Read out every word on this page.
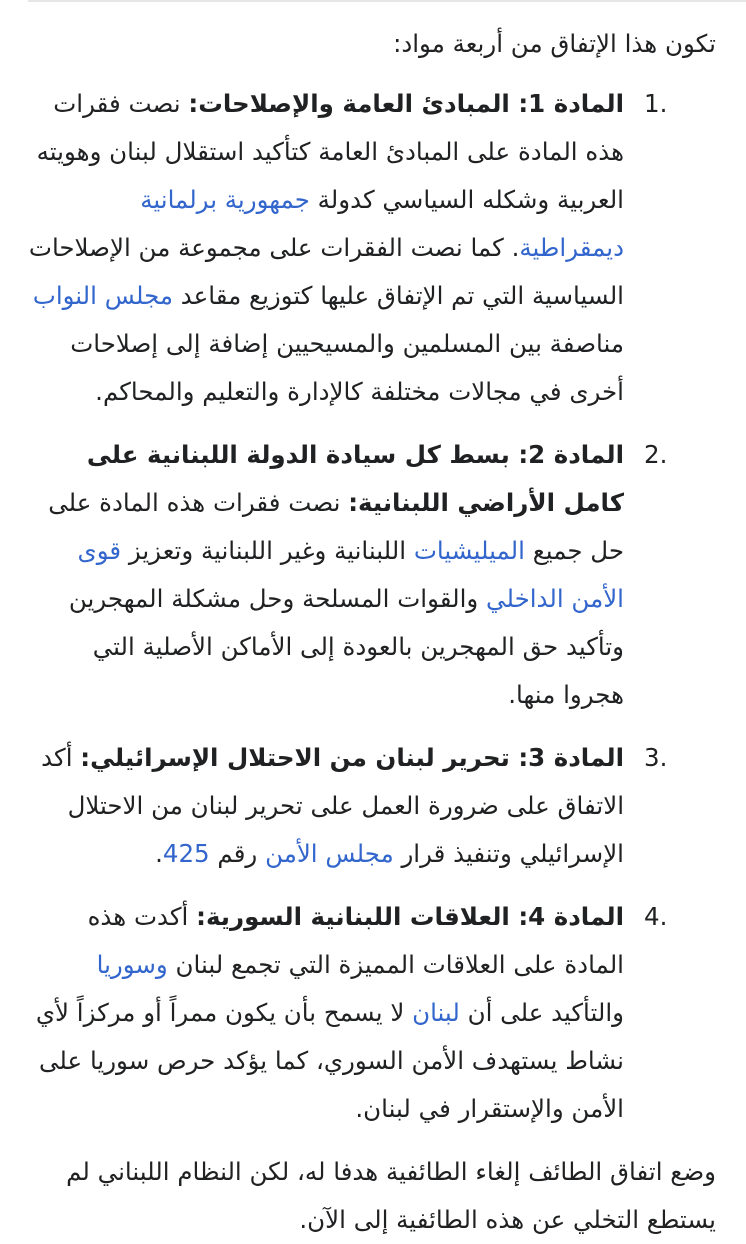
تكون هذا الإتفاق من أربعة مواد:

.1
المادة 1: المبادئ العامة والإصلاحات: نصت فقرات هذه المادة على المبادئ العامة كتأكيد استقلال لبنان وهويته العربية وشكله السياسي كدولة جمهورية برلمانية ديمقراطية. كما نصت الفقرات على مجموعة من الإصلاحات السياسية التي تم الإتفاق عليها كتوزيع مقاعد مجلس النواب مناصفة بين المسلمين والمسيحيين إضافة إلى إصلاحات أخرى في مجالات مختلفة كالإدارة والتعليم والمحاكم.
.2
المادة 2: بسط كل سيادة الدولة اللبنانية على كامل الأراضي اللبنانية: نصت فقرات هذه المادة على حل جميع الميليشيات اللبنانية وغير اللبنانية وتعزيز قوى الأمن الداخلي والقوات المسلحة وحل مشكلة المهجرين وتأكيد حق المهجرين بالعودة إلى الأماكن الأصلية التي هجروا منها.
.3
المادة 3: تحرير لبنان من الاحتلال الإسرائيلي: أكد الاتفاق على ضرورة العمل على تحرير لبنان من الاحتلال الإسرائيلي وتنفيذ قرار مجلس الأمن رقم 425.
.4
المادة 4: العلاقات اللبنانية السورية: أكدت هذه المادة على العلاقات المميزة التي تجمع لبنان وسوريا والتأكيد على أن لبنان لا يسمح بأن يكون ممراً أو مركزاً لأي نشاط يستهدف الأمن السوري، كما يؤكد حرص سوريا على الأمن والإستقرار في لبنان.

وضع اتفاق الطائف إلغاء الطائفية هدفا له، لكن النظام اللبناني لم يستطع التخلي عن هذه الطائفية إلى الآن.
